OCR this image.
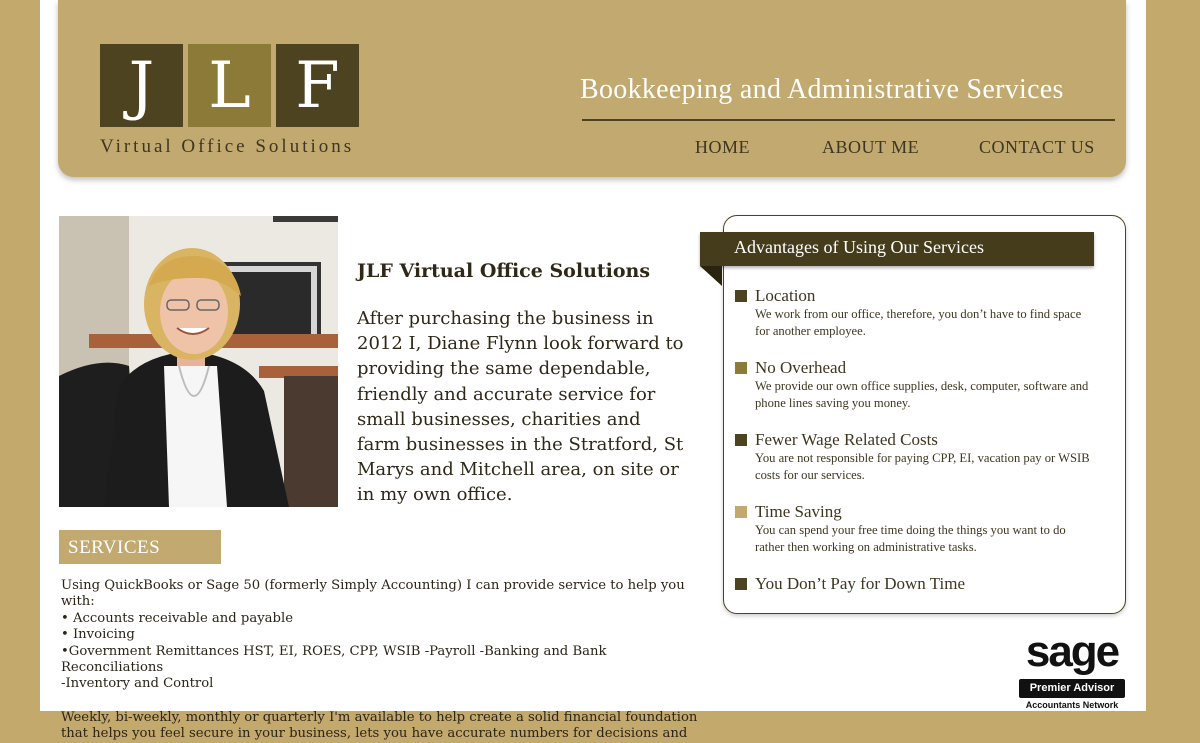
J L F
Virtual Office Solutions
Bookkeeping and Administrative Services
HOME	ABOUT ME	CONTACT US
JLF Virtual Office Solutions
After purchasing the business in 2012 I, Diane Flynn look forward to providing the same dependable, friendly and accurate service for small businesses, charities and farm businesses in the Stratford, St Marys and Mitchell area, on site or in my own office.
SERVICES

Using QuickBooks or Sage 50 (formerly Simply Accounting) I can provide service to help you with:

• Accounts receivable and payable

• Invoicing

•Government Remittances HST, EI, ROES, CPP, WSIB -Payroll -Banking and Bank Reconciliations

-Inventory and Control

Weekly, bi-weekly, monthly or quarterly I'm available to help create a solid financial foundation

that helps you feel secure in your business, lets you have accurate numbers for decisions and

Advantages of Using Our Services
Location
We work from our office, therefore, you don’t have to find space for another employee.
No Overhead
We provide our own office supplies, desk, computer, software and phone lines saving you money.
Fewer Wage Related Costs
You are not responsible for paying CPP, EI, vacation pay or WSIB costs for our services.
Time Saving
You can spend your free time doing the things you want to do rather then working on administrative tasks.
You Don’t Pay for Down Time
sage
Premier Advisor
Accountants Network
